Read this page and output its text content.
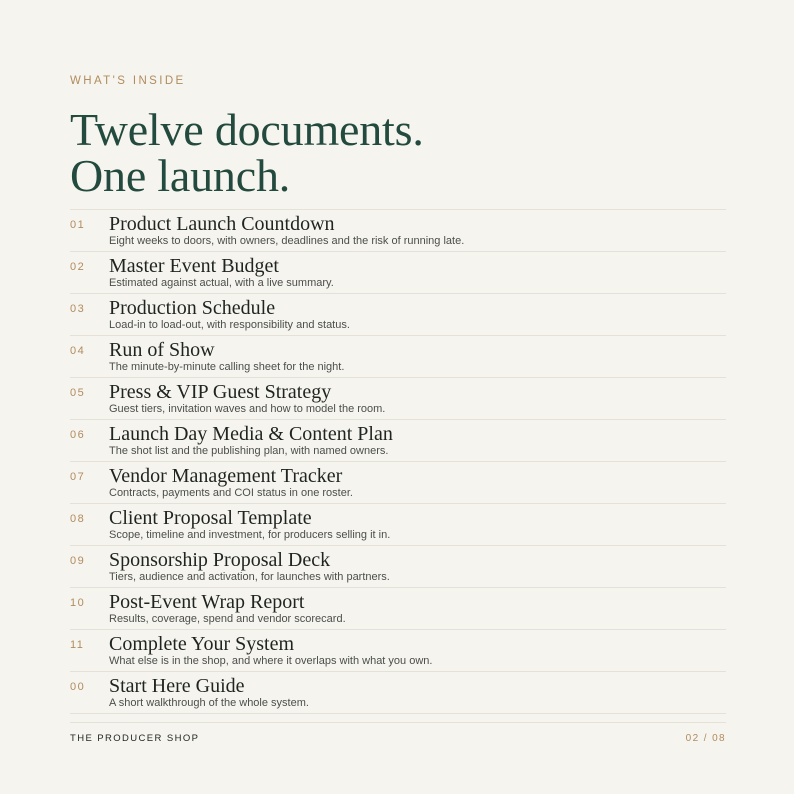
WHAT'S INSIDE
Twelve documents.
One launch.
01 Product Launch Countdown
Eight weeks to doors, with owners, deadlines and the risk of running late.
02 Master Event Budget
Estimated against actual, with a live summary.
03 Production Schedule
Load-in to load-out, with responsibility and status.
04 Run of Show
The minute-by-minute calling sheet for the night.
05 Press & VIP Guest Strategy
Guest tiers, invitation waves and how to model the room.
06 Launch Day Media & Content Plan
The shot list and the publishing plan, with named owners.
07 Vendor Management Tracker
Contracts, payments and COI status in one roster.
08 Client Proposal Template
Scope, timeline and investment, for producers selling it in.
09 Sponsorship Proposal Deck
Tiers, audience and activation, for launches with partners.
10 Post-Event Wrap Report
Results, coverage, spend and vendor scorecard.
11 Complete Your System
What else is in the shop, and where it overlaps with what you own.
00 Start Here Guide
A short walkthrough of the whole system.
THE PRODUCER SHOP	02 / 08
